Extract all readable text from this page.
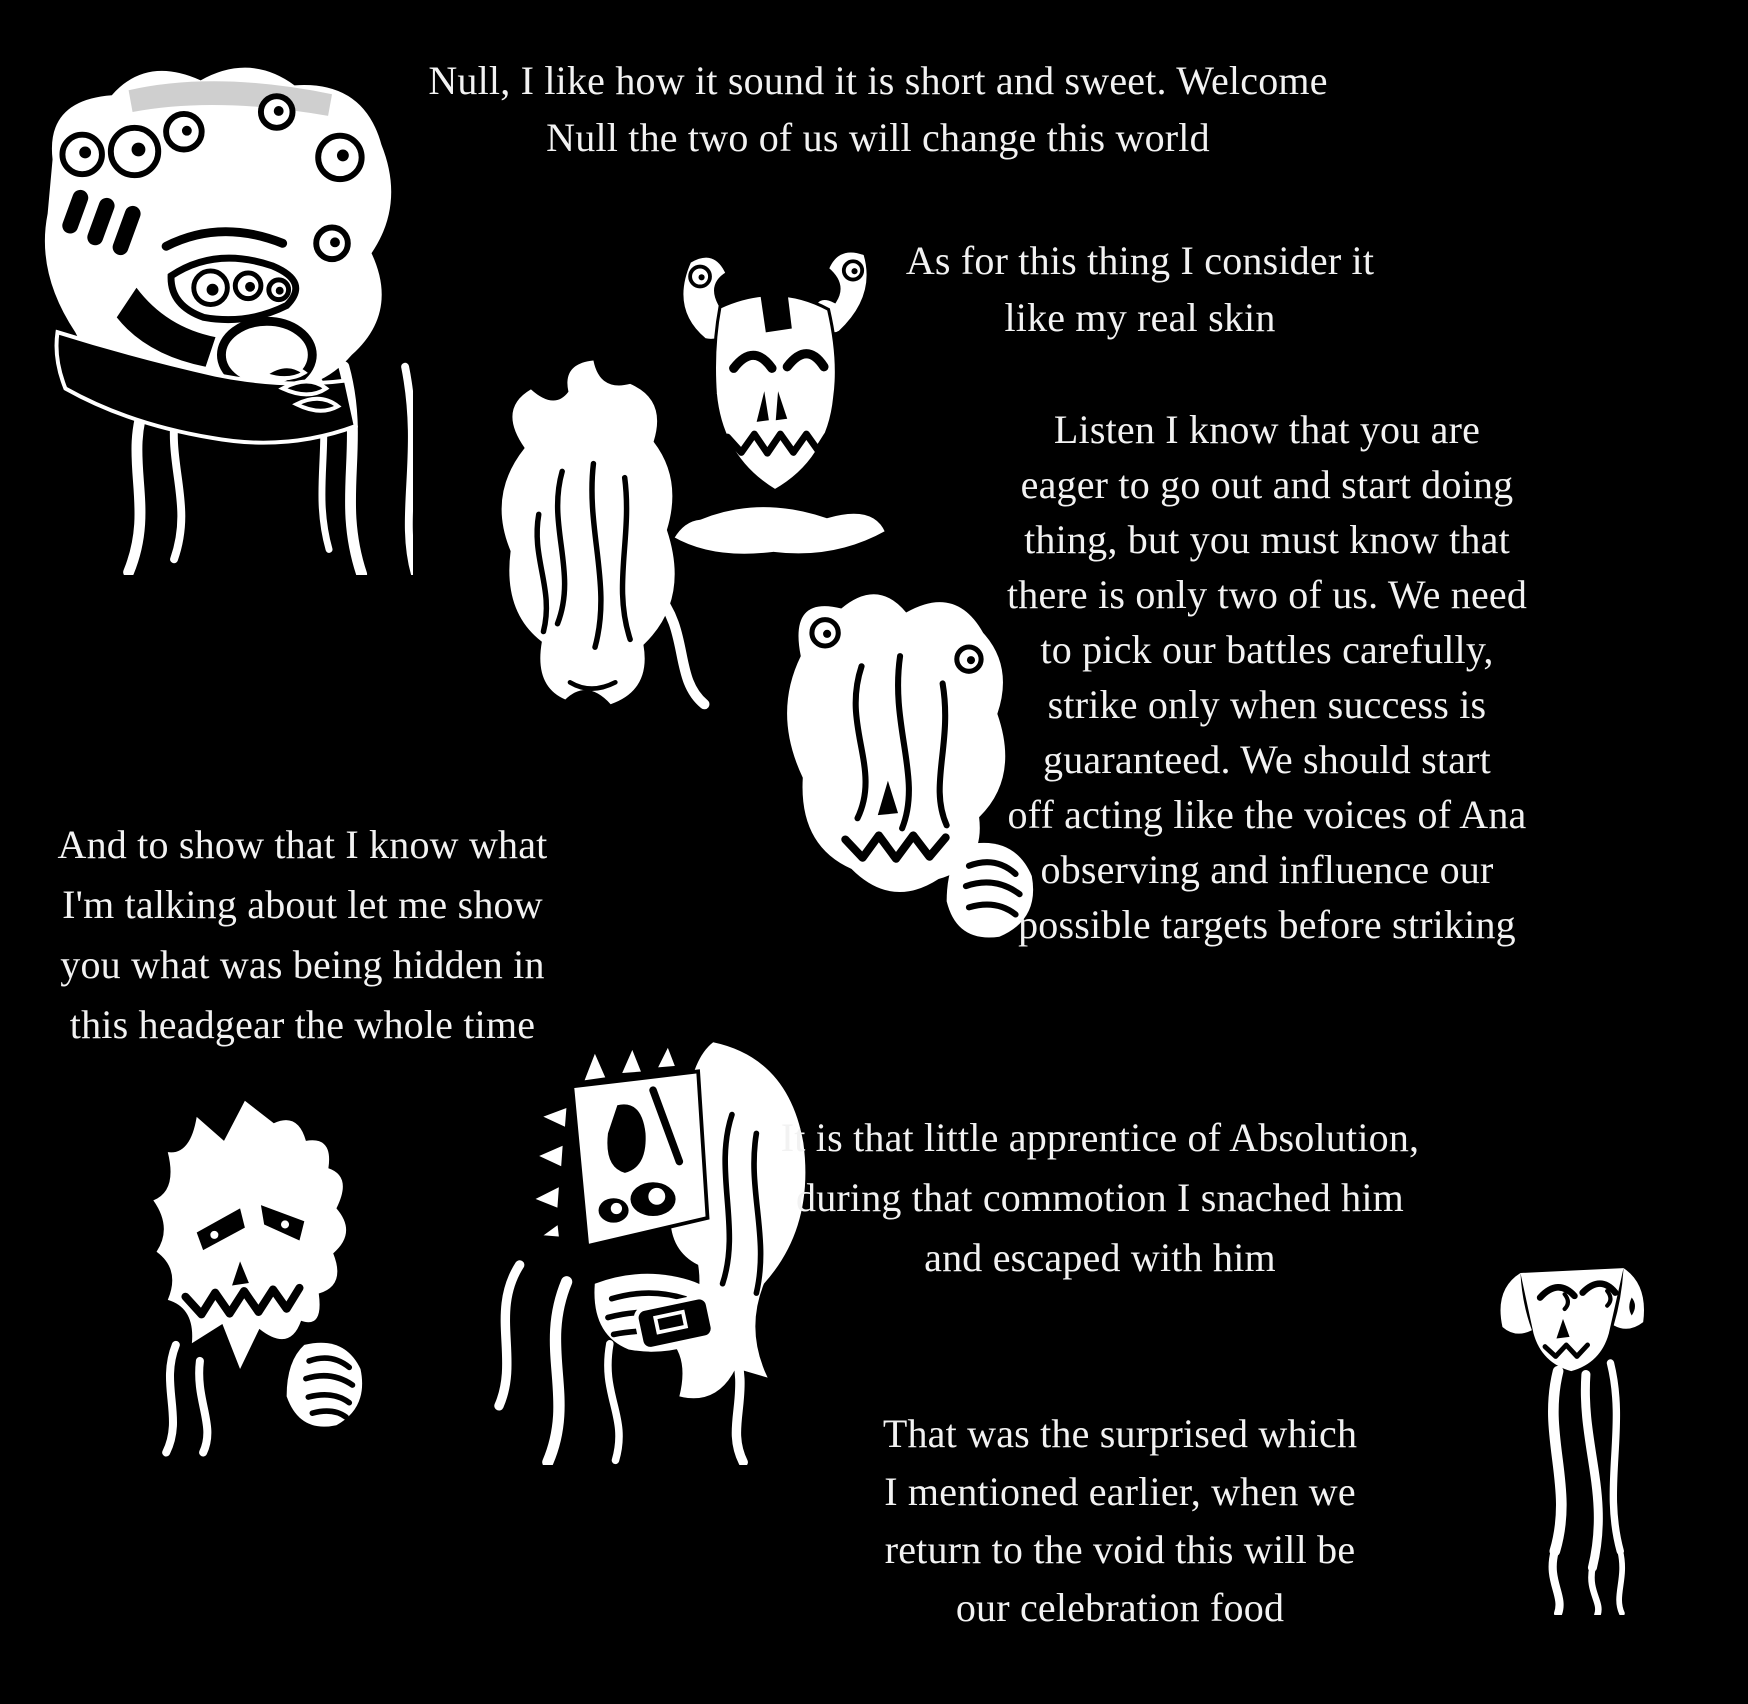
Null, I like how it sound it is short and sweet. Welcome
Null the two of us will change this world
As for this thing I consider it
like my real skin
Listen I know that you are
eager to go out and start doing
thing, but you must know that
there is only two of us. We need
to pick our battles carefully,
strike only when success is
guaranteed. We should start
off acting like the voices of Ana
observing and influence our
possible targets before striking
And to show that I know what
I'm talking about let me show
you what was being hidden in
this headgear the whole time
It is that little apprentice of Absolution,
during that commotion I snached him
and escaped with him
That was the surprised which
I mentioned earlier, when we
return to the void this will be
our celebration food
